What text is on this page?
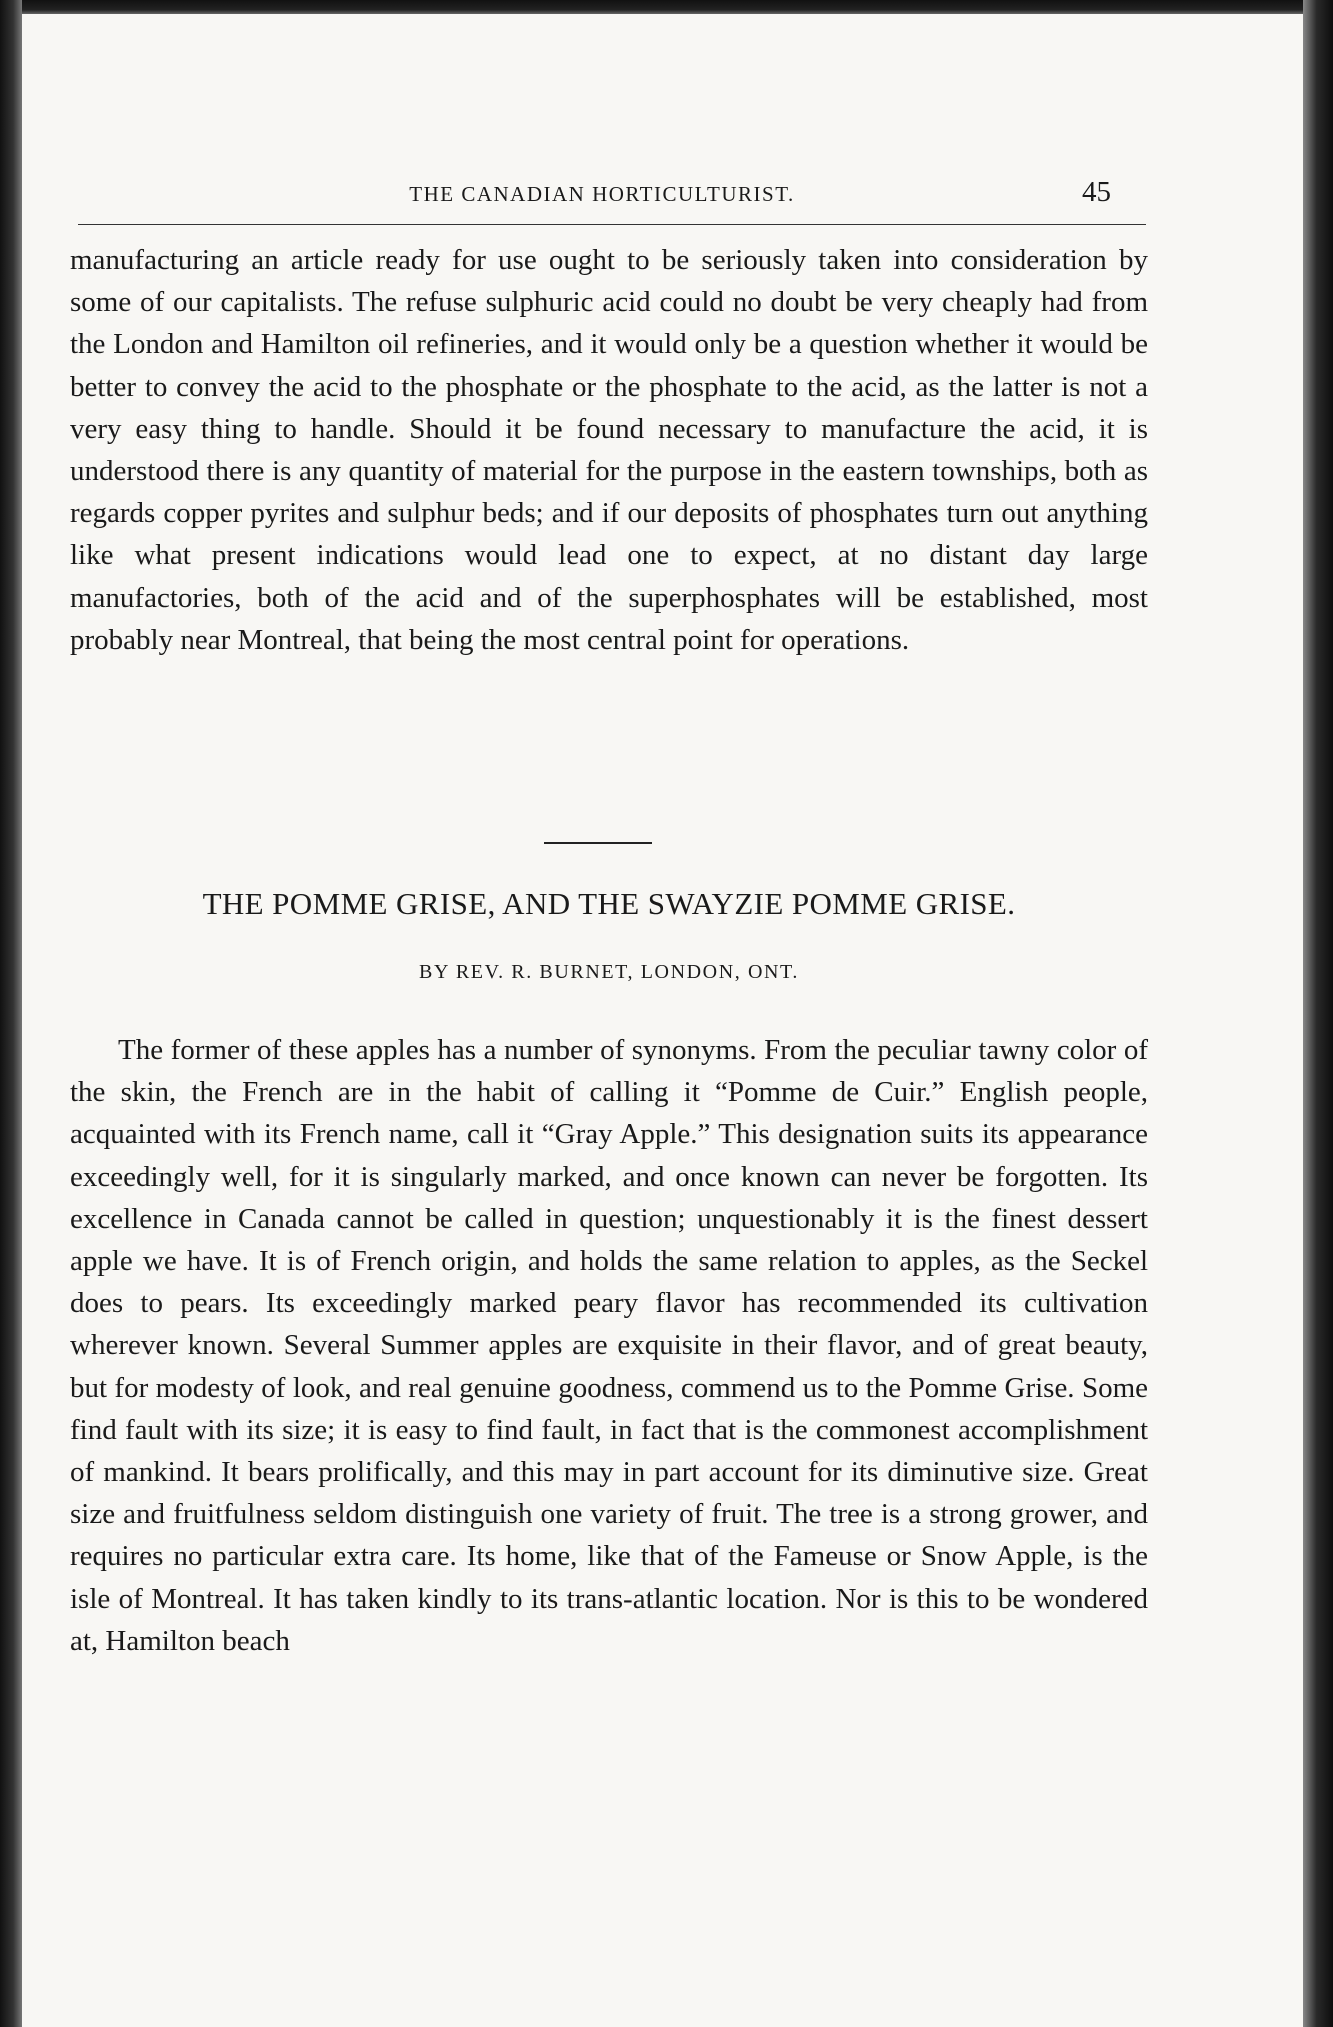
THE CANADIAN HORTICULTURIST.	45

manufacturing an article ready for use ought to be seriously taken into consideration by some of our capitalists. The refuse sulphuric acid could no doubt be very cheaply had from the London and Hamilton oil refineries, and it would only be a question whether it would be better to convey the acid to the phosphate or the phosphate to the acid, as the latter is not a very easy thing to handle. Should it be found necessary to manufacture the acid, it is understood there is any quantity of material for the purpose in the eastern townships, both as regards copper pyrites and sulphur beds; and if our deposits of phosphates turn out anything like what present indications would lead one to expect, at no distant day large manufactories, both of the acid and of the superphosphates will be established, most probably near Montreal, that being the most central point for operations.

THE POMME GRISE, AND THE SWAYZIE POMME GRISE.
BY REV. R. BURNET, LONDON, ONT.

The former of these apples has a number of synonyms. From the peculiar tawny color of the skin, the French are in the habit of calling it “Pomme de Cuir.” English people, acquainted with its French name, call it “Gray Apple.” This designation suits its appearance exceedingly well, for it is singularly marked, and once known can never be forgotten. Its excellence in Canada cannot be called in question; unquestionably it is the finest dessert apple we have. It is of French origin, and holds the same relation to apples, as the Seckel does to pears. Its exceedingly marked peary flavor has recommended its cultivation wherever known. Several Summer apples are exquisite in their flavor, and of great beauty, but for modesty of look, and real genuine goodness, commend us to the Pomme Grise. Some find fault with its size; it is easy to find fault, in fact that is the commonest accomplishment of mankind. It bears prolifically, and this may in part account for its diminutive size. Great size and fruitfulness seldom distinguish one variety of fruit. The tree is a strong grower, and requires no particular extra care. Its home, like that of the Fameuse or Snow Apple, is the isle of Montreal. It has taken kindly to its trans-atlantic location. Nor is this to be wondered at, Hamilton beach
